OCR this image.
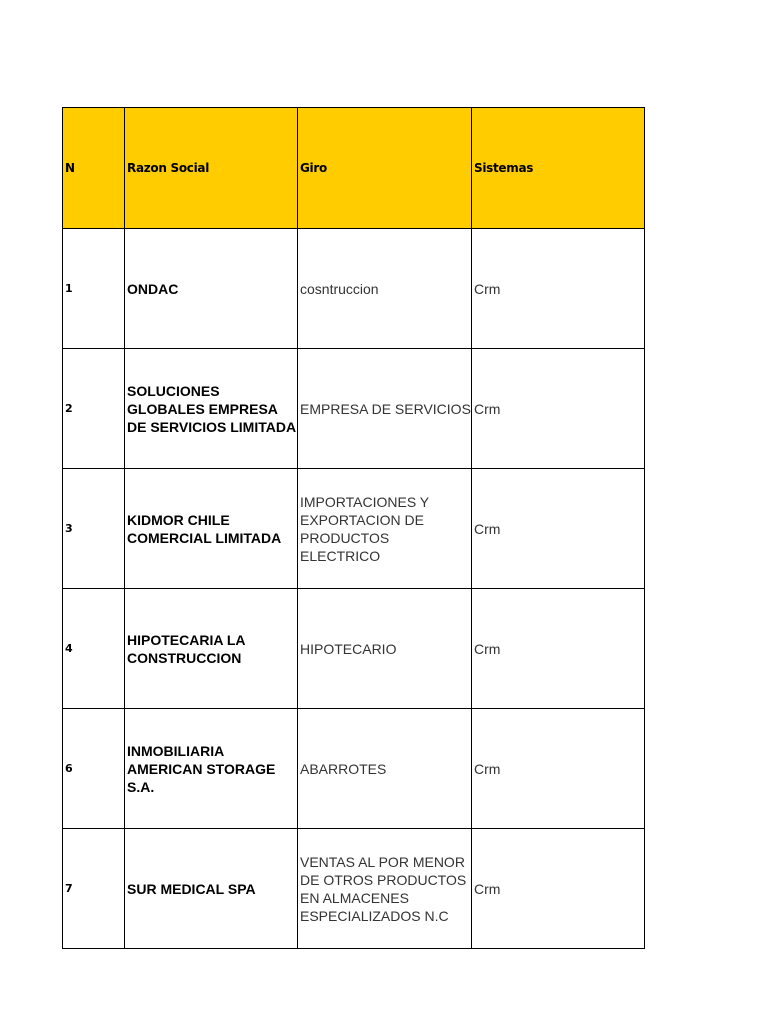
N	Razon Social	Giro	Sistemas
1	ONDAC	cosntruccion	Crm
2	SOLUCIONES GLOBALES EMPRESA DE SERVICIOS LIMITADA	EMPRESA DE SERVICIOS	Crm
3	KIDMOR CHILE COMERCIAL LIMITADA	IMPORTACIONES Y EXPORTACION DE PRODUCTOS ELECTRICO	Crm
4	HIPOTECARIA LA CONSTRUCCION	HIPOTECARIO	Crm
6	INMOBILIARIA AMERICAN STORAGE S.A.	ABARROTES	Crm
7	SUR MEDICAL SPA	VENTAS AL POR MENOR DE OTROS PRODUCTOS EN ALMACENES ESPECIALIZADOS N.C	Crm
